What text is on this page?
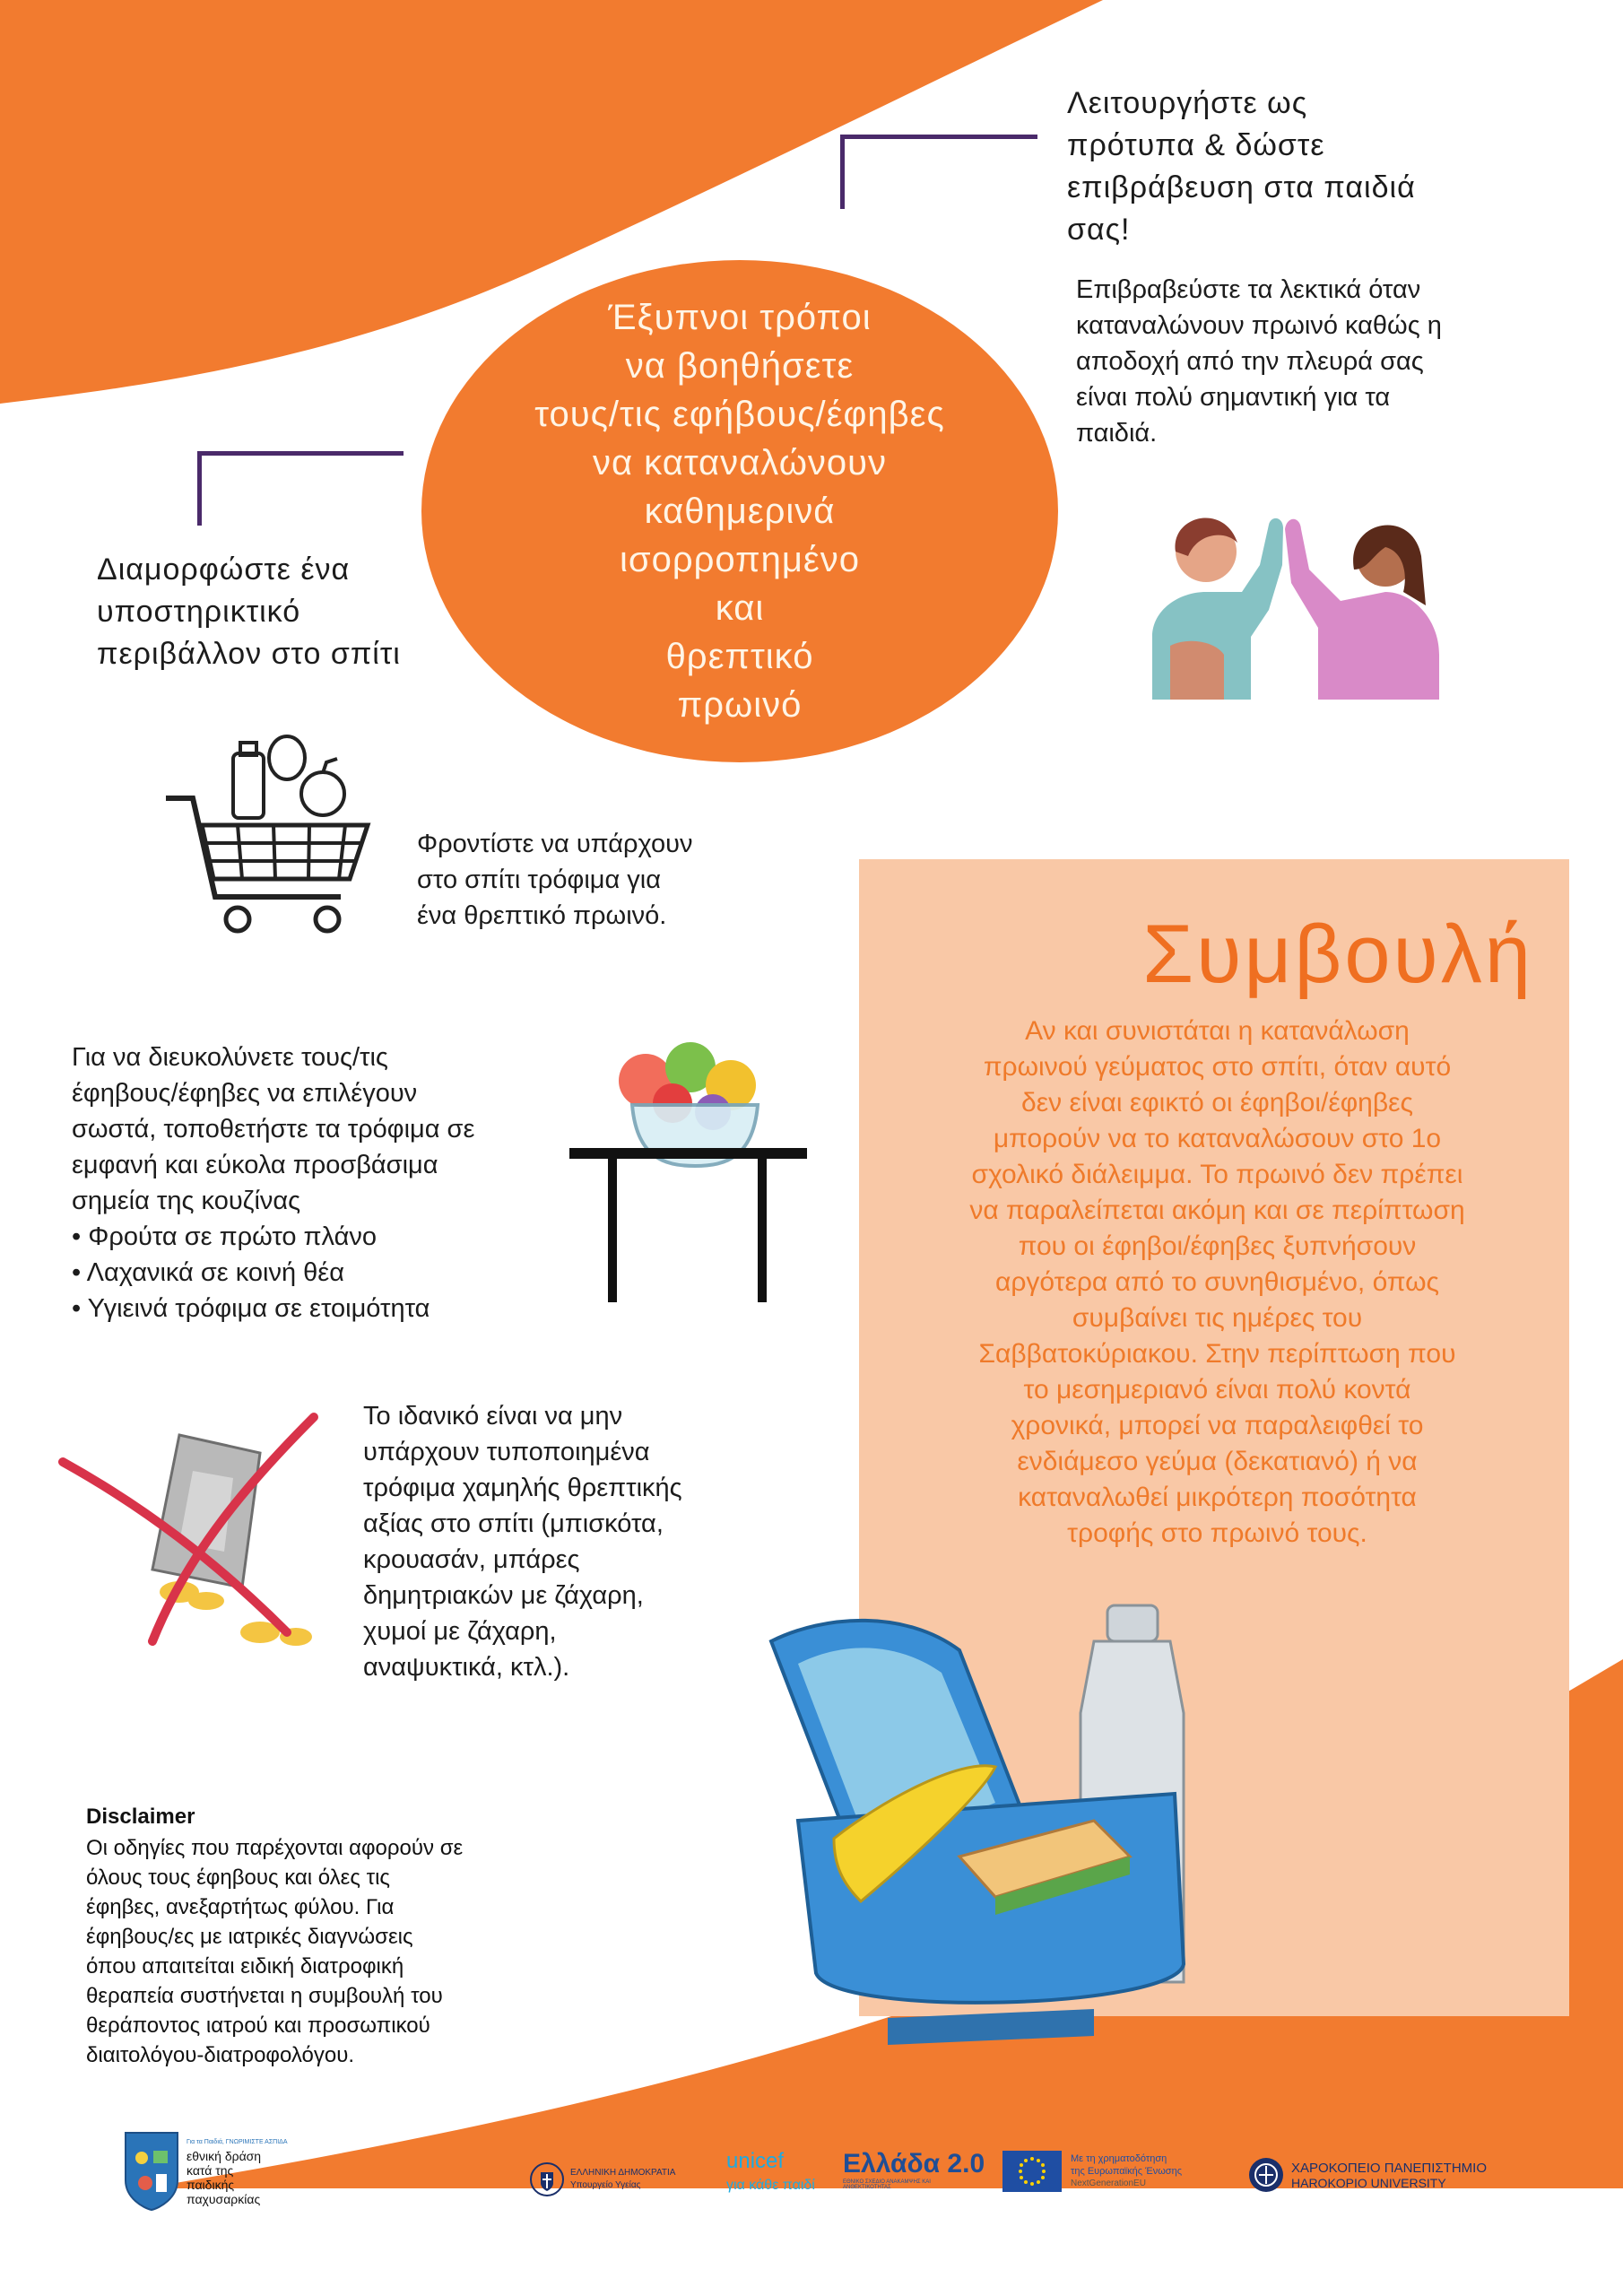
Έξυπνοι τρόποι
να βοηθήσετε
τους/τις εφήβους/έφηβες
να καταναλώνουν
καθημερινά
ισορροπημένο
και
θρεπτικό
πρωινό
Λειτουργήστε ως
πρότυπα & δώστε
επιβράβευση στα παιδιά
σας!
Επιβραβεύστε τα λεκτικά όταν
καταναλώνουν πρωινό καθώς η
αποδοχή από την πλευρά σας
είναι πολύ σημαντική για τα
παιδιά.
Διαμορφώστε ένα
υποστηρικτικό
περιβάλλον στο σπίτι
Φροντίστε να υπάρχουν
στο σπίτι τρόφιμα για
ένα θρεπτικό πρωινό.
Για να διευκολύνετε τους/τις
έφηβους/έφηβες να επιλέγουν
σωστά, τοποθετήστε τα τρόφιμα σε
εμφανή και εύκολα προσβάσιμα
σημεία της κουζίνας
• Φρούτα σε πρώτο πλάνο
• Λαχανικά σε κοινή θέα
• Υγιεινά τρόφιμα σε ετοιμότητα
Το ιδανικό είναι να μην
υπάρχουν τυποποιημένα
τρόφιμα χαμηλής θρεπτικής
αξίας στο σπίτι (μπισκότα,
κρουασάν, μπάρες
δημητριακών με ζάχαρη,
χυμοί με ζάχαρη,
αναψυκτικά, κτλ.).
Συμβουλή
Αν και συνιστάται η κατανάλωση
πρωινού γεύματος στο σπίτι, όταν αυτό
δεν είναι εφικτό οι έφηβοι/έφηβες
μπορούν να το καταναλώσουν στο 1ο
σχολικό διάλειμμα. Το πρωινό δεν πρέπει
να παραλείπεται ακόμη και σε περίπτωση
που οι έφηβοι/έφηβες ξυπνήσουν
αργότερα από το συνηθισμένο, όπως
συμβαίνει τις ημέρες του
Σαββατοκύριακου. Στην περίπτωση που
το μεσημεριανό είναι πολύ κοντά
χρονικά, μπορεί να παραλειφθεί το
ενδιάμεσο γεύμα (δεκατιανό) ή να
καταναλωθεί μικρότερη ποσότητα
τροφής στο πρωινό τους.
Disclaimer
Οι οδηγίες που παρέχονται αφορούν σε
όλους τους έφηβους και όλες τις
έφηβες, ανεξαρτήτως φύλου. Για
έφηβους/ες με ιατρικές διαγνώσεις
όπου απαιτείται ειδική διατροφική
θεραπεία συστήνεται η συμβουλή του
θεράποντος ιατρού και προσωπικού
διαιτολόγου-διατροφολόγου.
Για τα Παιδιά, ΓΝΩΡΙΜΙΣΤΕ ΑΣΠΙΔΑ
εθνική δράση
κατά της
παιδικής
παχυσαρκίας
ΕΛΛΗΝΙΚΗ ΔΗΜΟΚΡΑΤΙΑ
Υπουργείο Υγείας
unicef
για κάθε παιδί
Ελλάδα 2.0
ΕΘΝΙΚΟ ΣΧΕΔΙΟ ΑΝΑΚΑΜΨΗΣ ΚΑΙ ΑΝΘΕΚΤΙΚΟΤΗΤΑΣ
Με τη χρηματοδότηση
της Ευρωπαϊκής Ένωσης
NextGenerationEU
ΧΑΡΟΚΟΠΕΙΟ ΠΑΝΕΠΙΣΤΗΜΙΟ
HAROKOPIO UNIVERSITY
